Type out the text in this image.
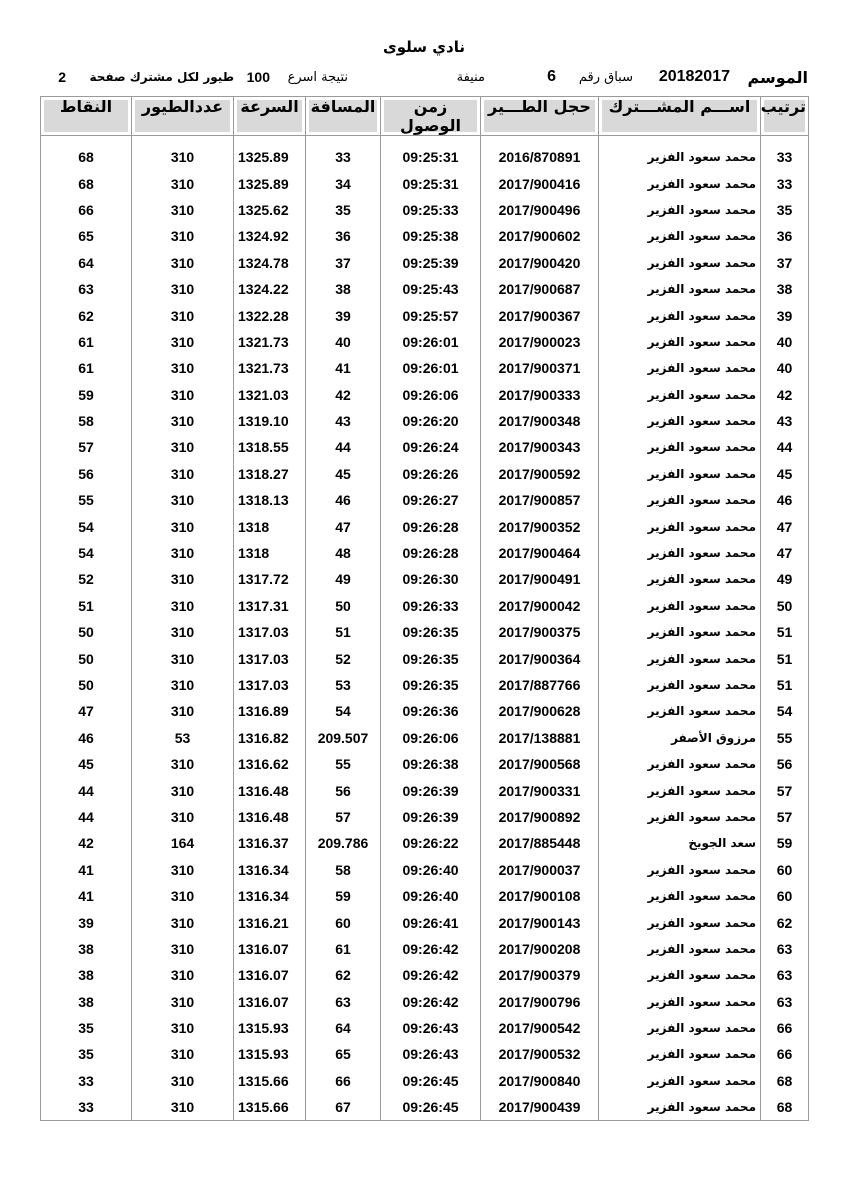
نادي سلوى
الموسم
20182017
سباق رقم
6
منيفة
نتيجة اسرع
100
طيور لكل مشترك صفحة
2
ترتيب	اســـم المشـــترك	حجل الطـــير	زمن الوصول	المسافة	السرعة	عددالطيور	النقاط

33	محمد سعود الفزير	2016/870891	09:25:31	33	1325.89	310	68
33	محمد سعود الفزير	2017/900416	09:25:31	34	1325.89	310	68
35	محمد سعود الفزير	2017/900496	09:25:33	35	1325.62	310	66
36	محمد سعود الفزير	2017/900602	09:25:38	36	1324.92	310	65
37	محمد سعود الفزير	2017/900420	09:25:39	37	1324.78	310	64
38	محمد سعود الفزير	2017/900687	09:25:43	38	1324.22	310	63
39	محمد سعود الفزير	2017/900367	09:25:57	39	1322.28	310	62
40	محمد سعود الفزير	2017/900023	09:26:01	40	1321.73	310	61
40	محمد سعود الفزير	2017/900371	09:26:01	41	1321.73	310	61
42	محمد سعود الفزير	2017/900333	09:26:06	42	1321.03	310	59
43	محمد سعود الفزير	2017/900348	09:26:20	43	1319.10	310	58
44	محمد سعود الفزير	2017/900343	09:26:24	44	1318.55	310	57
45	محمد سعود الفزير	2017/900592	09:26:26	45	1318.27	310	56
46	محمد سعود الفزير	2017/900857	09:26:27	46	1318.13	310	55
47	محمد سعود الفزير	2017/900352	09:26:28	47	1318	310	54
47	محمد سعود الفزير	2017/900464	09:26:28	48	1318	310	54
49	محمد سعود الفزير	2017/900491	09:26:30	49	1317.72	310	52
50	محمد سعود الفزير	2017/900042	09:26:33	50	1317.31	310	51
51	محمد سعود الفزير	2017/900375	09:26:35	51	1317.03	310	50
51	محمد سعود الفزير	2017/900364	09:26:35	52	1317.03	310	50
51	محمد سعود الفزير	2017/887766	09:26:35	53	1317.03	310	50
54	محمد سعود الفزير	2017/900628	09:26:36	54	1316.89	310	47
55	مرزوق الأصفر	2017/138881	09:26:06	209.507	1316.82	53	46
56	محمد سعود الفزير	2017/900568	09:26:38	55	1316.62	310	45
57	محمد سعود الفزير	2017/900331	09:26:39	56	1316.48	310	44
57	محمد سعود الفزير	2017/900892	09:26:39	57	1316.48	310	44
59	سعد الجويخ	2017/885448	09:26:22	209.786	1316.37	164	42
60	محمد سعود الفزير	2017/900037	09:26:40	58	1316.34	310	41
60	محمد سعود الفزير	2017/900108	09:26:40	59	1316.34	310	41
62	محمد سعود الفزير	2017/900143	09:26:41	60	1316.21	310	39
63	محمد سعود الفزير	2017/900208	09:26:42	61	1316.07	310	38
63	محمد سعود الفزير	2017/900379	09:26:42	62	1316.07	310	38
63	محمد سعود الفزير	2017/900796	09:26:42	63	1316.07	310	38
66	محمد سعود الفزير	2017/900542	09:26:43	64	1315.93	310	35
66	محمد سعود الفزير	2017/900532	09:26:43	65	1315.93	310	35
68	محمد سعود الفزير	2017/900840	09:26:45	66	1315.66	310	33
68	محمد سعود الفزير	2017/900439	09:26:45	67	1315.66	310	33
